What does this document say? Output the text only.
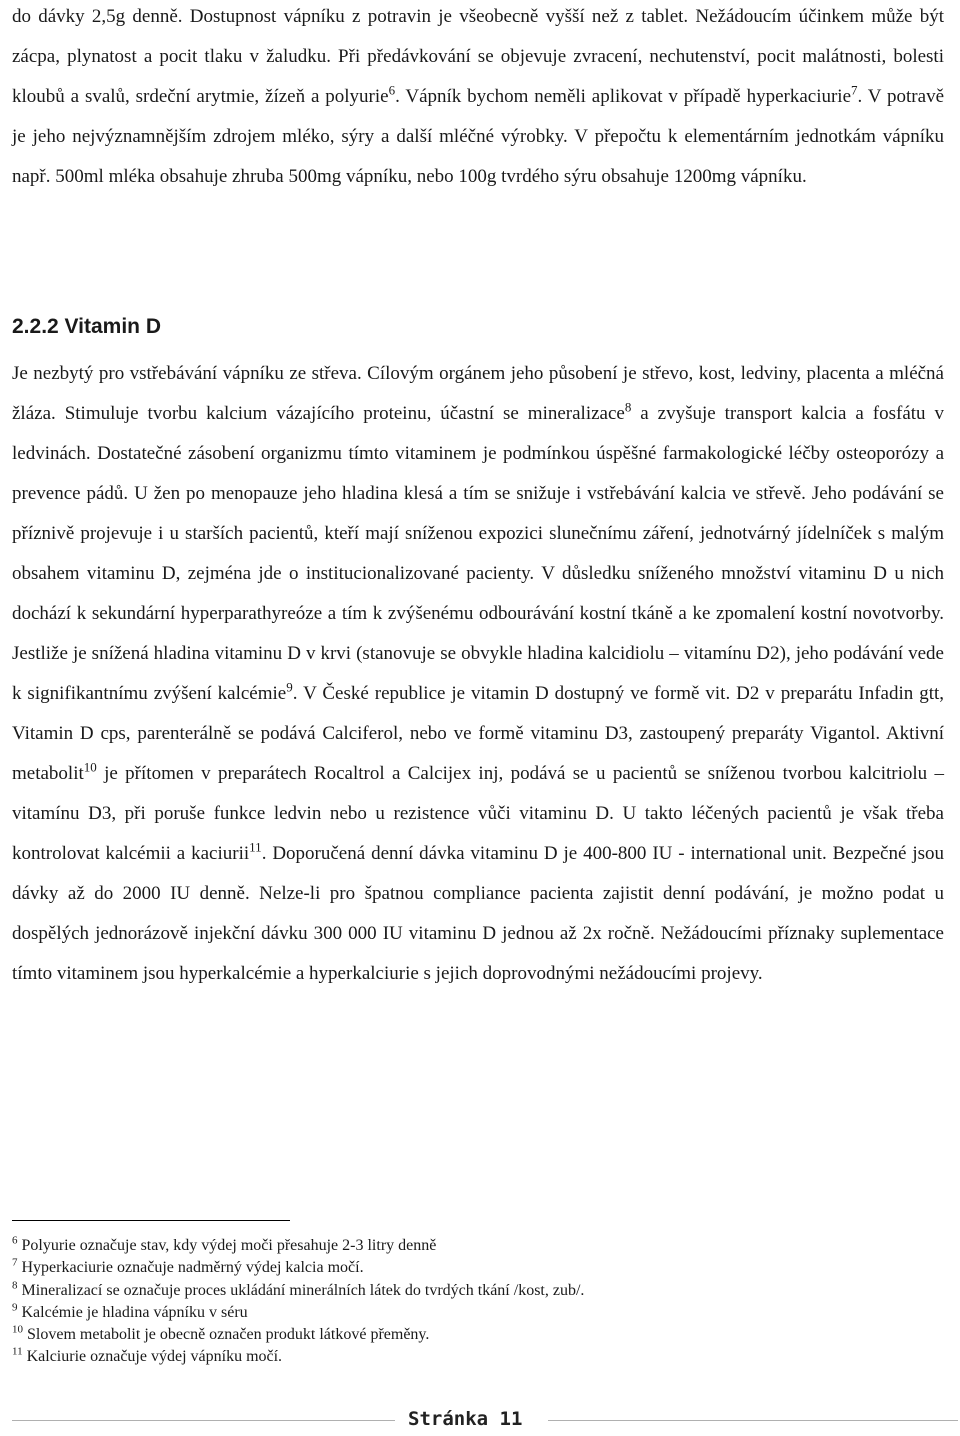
do dávky 2,5g denně. Dostupnost vápníku z potravin je všeobecně vyšší než z tablet. Nežádoucím účinkem může být zácpa, plynatost a pocit tlaku v žaludku. Při předávkování se objevuje zvracení, nechutenství, pocit malátnosti, bolesti kloubů a svalů, srdeční arytmie, žízeň a polyurie$^6$. Vápník bychom neměli aplikovat v případě hyperkaciurie$^7$. V potravě je jeho nejvýznamnějším zdrojem mléko, sýry a další mléčné výrobky. V přepočtu k elementárním jednotkám vápníku např. 500ml mléka obsahuje zhruba 500mg vápníku, nebo 100g tvrdého sýru obsahuje 1200mg vápníku.

2.2.2 Vitamin D

Je nezbytý pro vstřebávání vápníku ze střeva. Cílovým orgánem jeho působení je střevo, kost, ledviny, placenta a mléčná žláza. Stimuluje tvorbu kalcium vázajícího proteinu, účastní se mineralizace$^8$ a zvyšuje transport kalcia a fosfátu v ledvinách. Dostatečné zásobení organizmu tímto vitaminem je podmínkou úspěšné farmakologické léčby osteoporózy a prevence pádů. U žen po menopauze jeho hladina klesá a tím se snižuje i vstřebávání kalcia ve střevě. Jeho podávání se příznivě projevuje i u starších pacientů, kteří mají sníženou expozici slunečnímu záření, jednotvárný jídelníček s malým obsahem vitaminu D, zejména jde o institucionalizované pacienty. V důsledku sníženého množství vitaminu D u nich dochází k sekundární hyperparathyreóze a tím k zvýšenému odbourávání kostní tkáně a ke zpomalení kostní novotvorby. Jestliže je snížená hladina vitaminu D v krvi (stanovuje se obvykle hladina kalcidiolu – vitamínu D2), jeho podávání vede k signifikantnímu zvýšení kalcémie$^9$. V České republice je vitamin D dostupný ve formě vit. D2 v preparátu Infadin gtt, Vitamin D cps, parenterálně se podává Calciferol, nebo ve formě vitaminu D3, zastoupený preparáty Vigantol. Aktivní metabolit$^{10}$ je přítomen v preparátech Rocaltrol a Calcijex inj, podává se u pacientů se sníženou tvorbou kalcitriolu – vitamínu D3, při poruše funkce ledvin nebo u rezistence vůči vitaminu D. U takto léčených pacientů je však třeba kontrolovat kalcémii a kaciurii$^{11}$. Doporučená denní dávka vitaminu D je 400-800 IU - international unit. Bezpečné jsou dávky až do 2000 IU denně. Nelze-li pro špatnou compliance pacienta zajistit denní podávání, je možno podat u dospělých jednorázově injekční dávku 300 000 IU vitaminu D jednou až 2x ročně. Nežádoucími příznaky suplementace tímto vitaminem jsou hyperkalcémie a hyperkalciurie s jejich doprovodnými nežádoucími projevy.

$^6$ Polyurie označuje stav, kdy výdej moči přesahuje 2-3 litry denně
$^7$ Hyperkaciurie označuje nadměrný výdej kalcia močí.
$^8$ Mineralizací se označuje proces ukládání minerálních látek do tvrdých tkání /kost, zub/.
$^9$ Kalcémie je hladina vápníku v séru
$^{10}$ Slovem metabolit je obecně označen produkt látkové přeměny.
$^{11}$ Kalciurie označuje výdej vápníku močí.
Stránka 11
